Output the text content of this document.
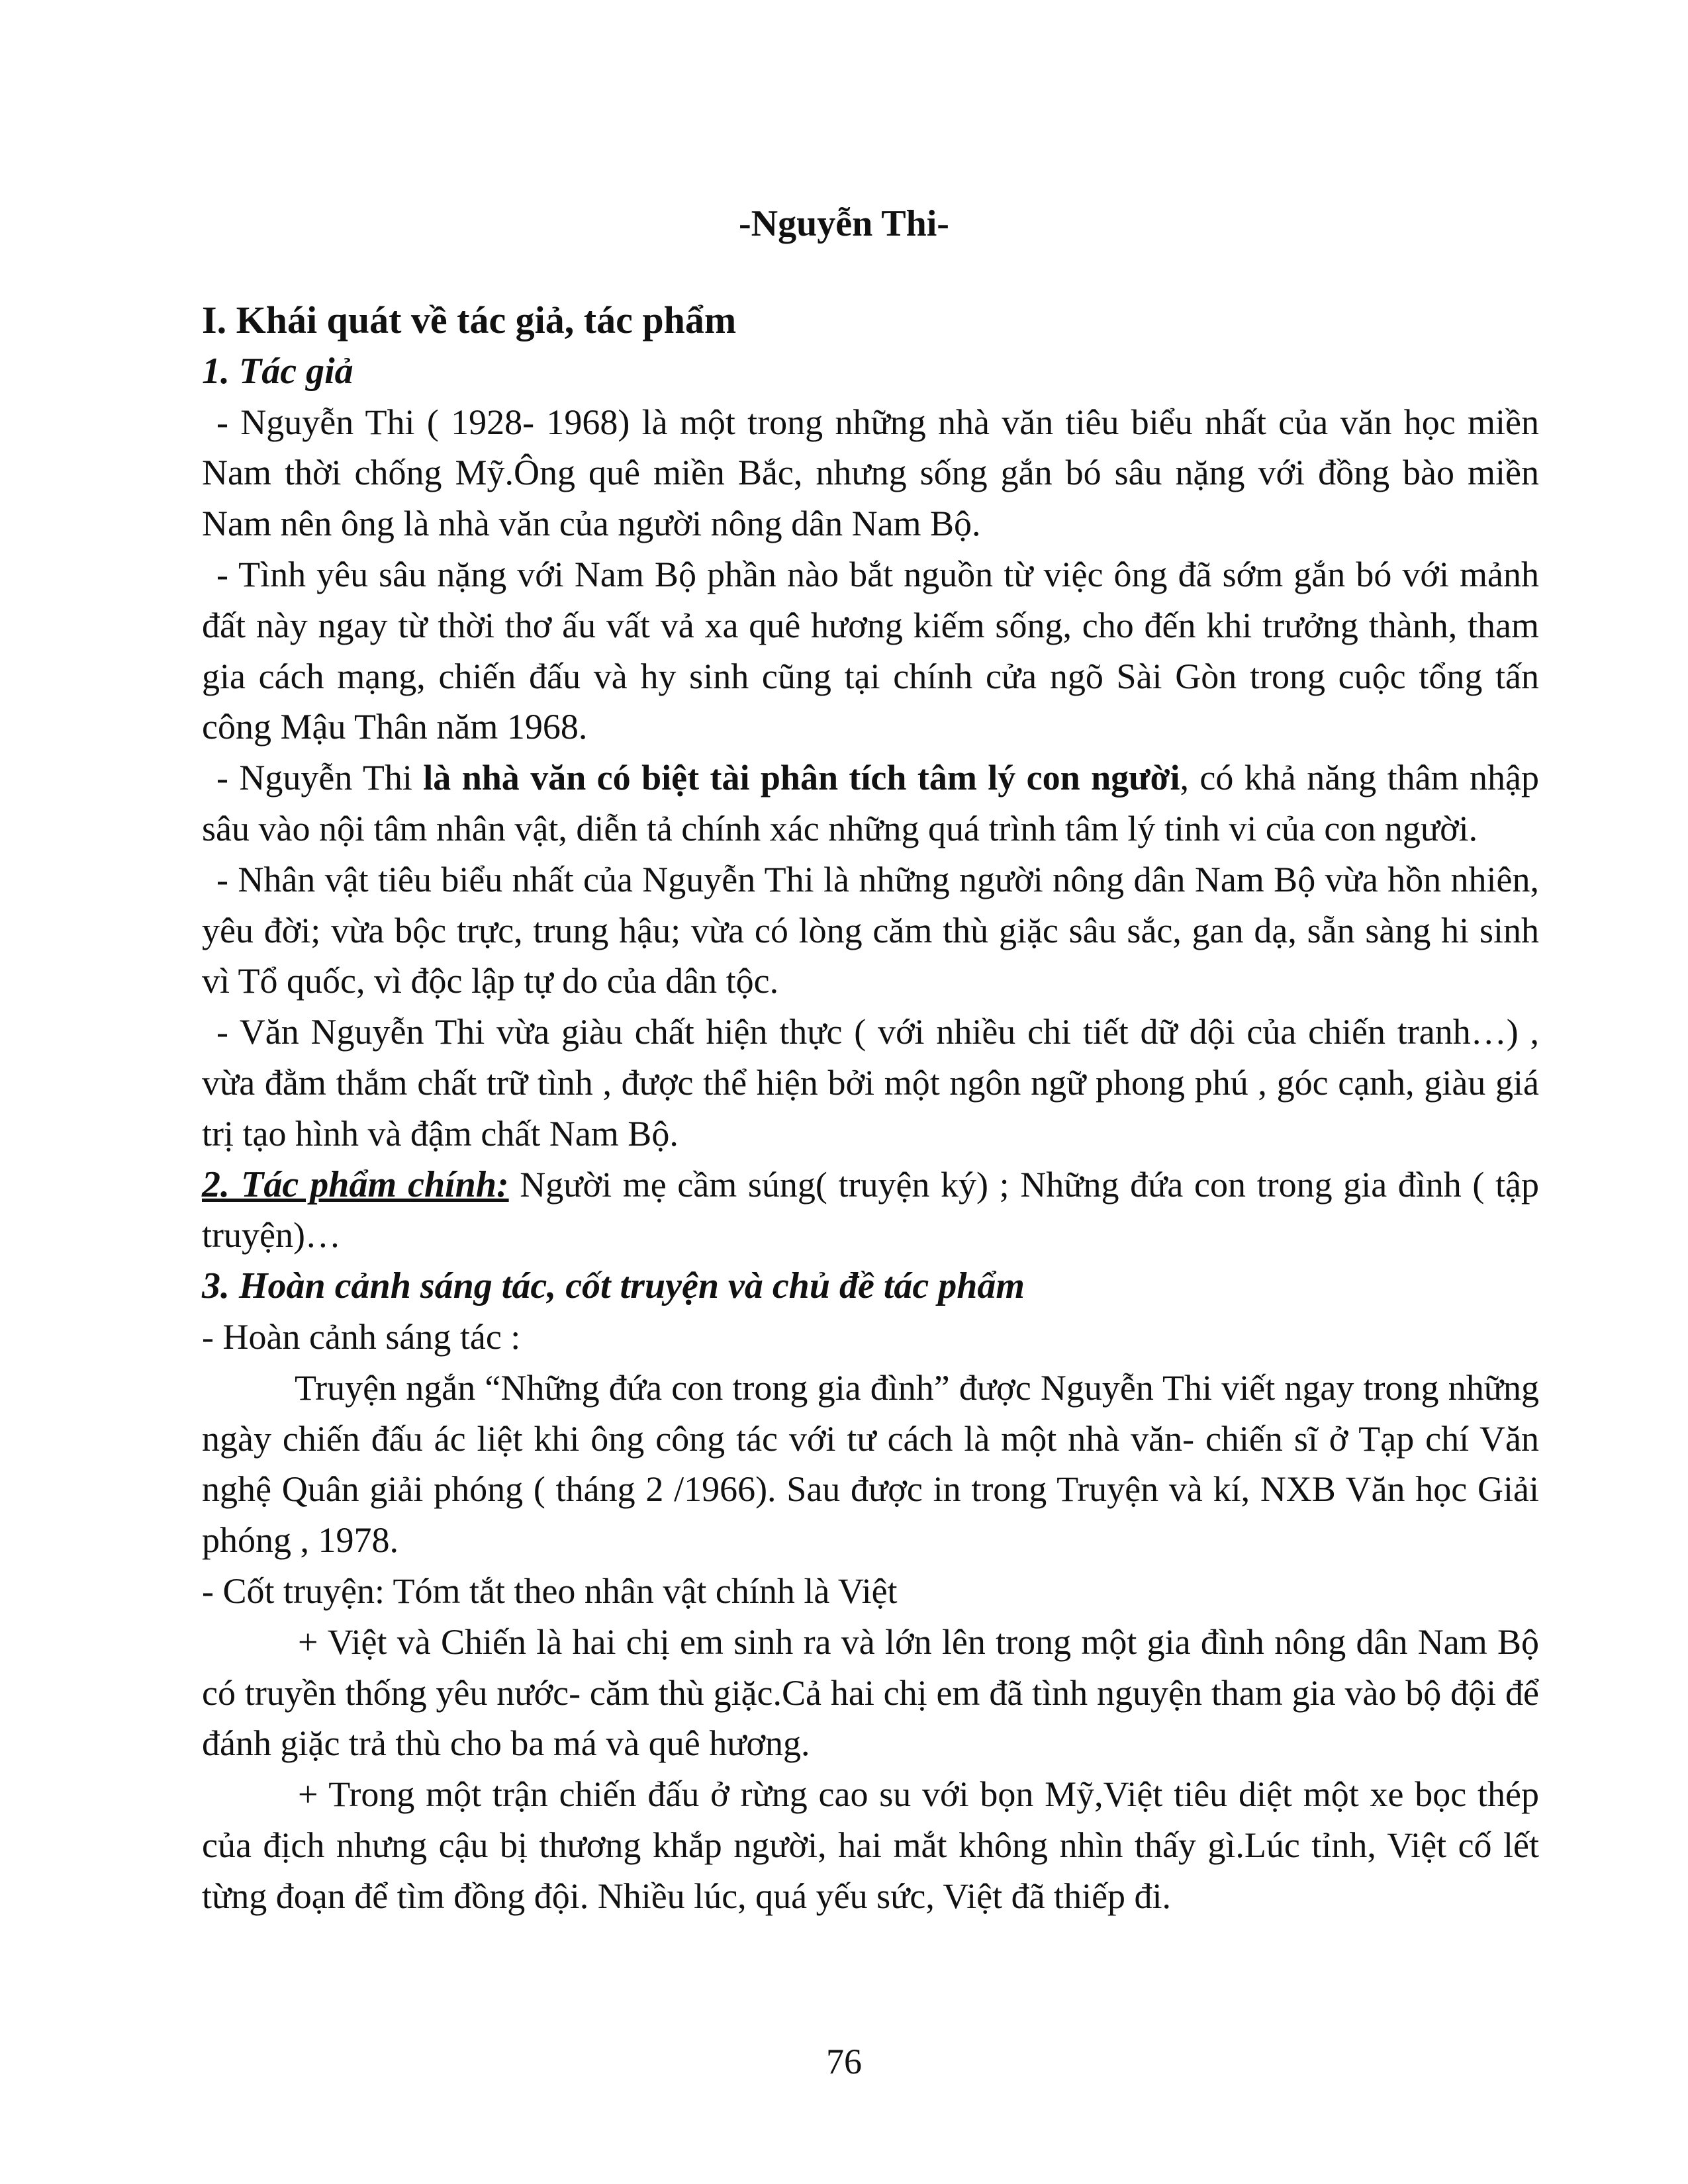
-Nguyễn Thi-

I. Khái quát về tác giả, tác phẩm

1. Tác giả

- Nguyễn Thi ( 1928- 1968) là một trong những nhà văn tiêu biểu nhất của văn học miền Nam thời chống Mỹ.Ông quê miền Bắc, nhưng sống gắn bó sâu nặng với đồng bào miền Nam nên ông là nhà văn của người nông dân Nam Bộ.

- Tình yêu sâu nặng với Nam Bộ phần nào bắt nguồn từ việc ông đã sớm gắn bó với mảnh đất này ngay từ thời thơ ấu vất vả xa quê hương kiếm sống, cho đến khi trưởng thành, tham gia cách mạng, chiến đấu và hy sinh cũng tại chính cửa ngõ Sài Gòn trong cuộc tổng tấn công Mậu Thân năm 1968.

- Nguyễn Thi là nhà văn có biệt tài phân tích tâm lý con người, có khả năng thâm nhập sâu vào nội tâm nhân vật, diễn tả chính xác những quá trình tâm lý tinh vi của con người.

- Nhân vật tiêu biểu nhất của Nguyễn Thi là những người nông dân Nam Bộ vừa hồn nhiên, yêu đời; vừa bộc trực, trung hậu; vừa có lòng căm thù giặc sâu sắc, gan dạ, sẵn sàng hi sinh vì Tổ quốc, vì độc lập tự do của dân tộc.

- Văn Nguyễn Thi vừa giàu chất hiện thực ( với nhiều chi tiết dữ dội của chiến tranh…) , vừa đằm thắm chất trữ tình , được thể hiện bởi một ngôn ngữ phong phú , góc cạnh, giàu giá trị tạo hình và đậm chất Nam Bộ.

2. Tác phẩm chính: Người mẹ cầm súng( truyện ký) ; Những đứa con trong gia đình ( tập truyện)…

3. Hoàn cảnh sáng tác, cốt truyện và chủ đề tác phẩm

- Hoàn cảnh sáng tác :

Truyện ngắn “Những đứa con trong gia đình” được Nguyễn Thi viết ngay trong những ngày chiến đấu ác liệt khi ông công tác với tư cách là một nhà văn- chiến sĩ ở Tạp chí Văn nghệ Quân giải phóng ( tháng 2 /1966). Sau được in trong Truyện và kí, NXB Văn học Giải phóng , 1978.

- Cốt truyện: Tóm tắt theo nhân vật chính là Việt

+ Việt và Chiến là hai chị em sinh ra và lớn lên trong một gia đình nông dân Nam Bộ có truyền thống yêu nước- căm thù giặc.Cả hai chị em đã tình nguyện tham gia vào bộ đội để đánh giặc trả thù cho ba má và quê hương.

+ Trong một trận chiến đấu ở rừng cao su với bọn Mỹ,Việt tiêu diệt một xe bọc thép của địch nhưng cậu bị thương khắp người, hai mắt không nhìn thấy gì.Lúc tỉnh, Việt cố lết từng đoạn để tìm đồng đội. Nhiều lúc, quá yếu sức, Việt đã thiếp đi.

76
